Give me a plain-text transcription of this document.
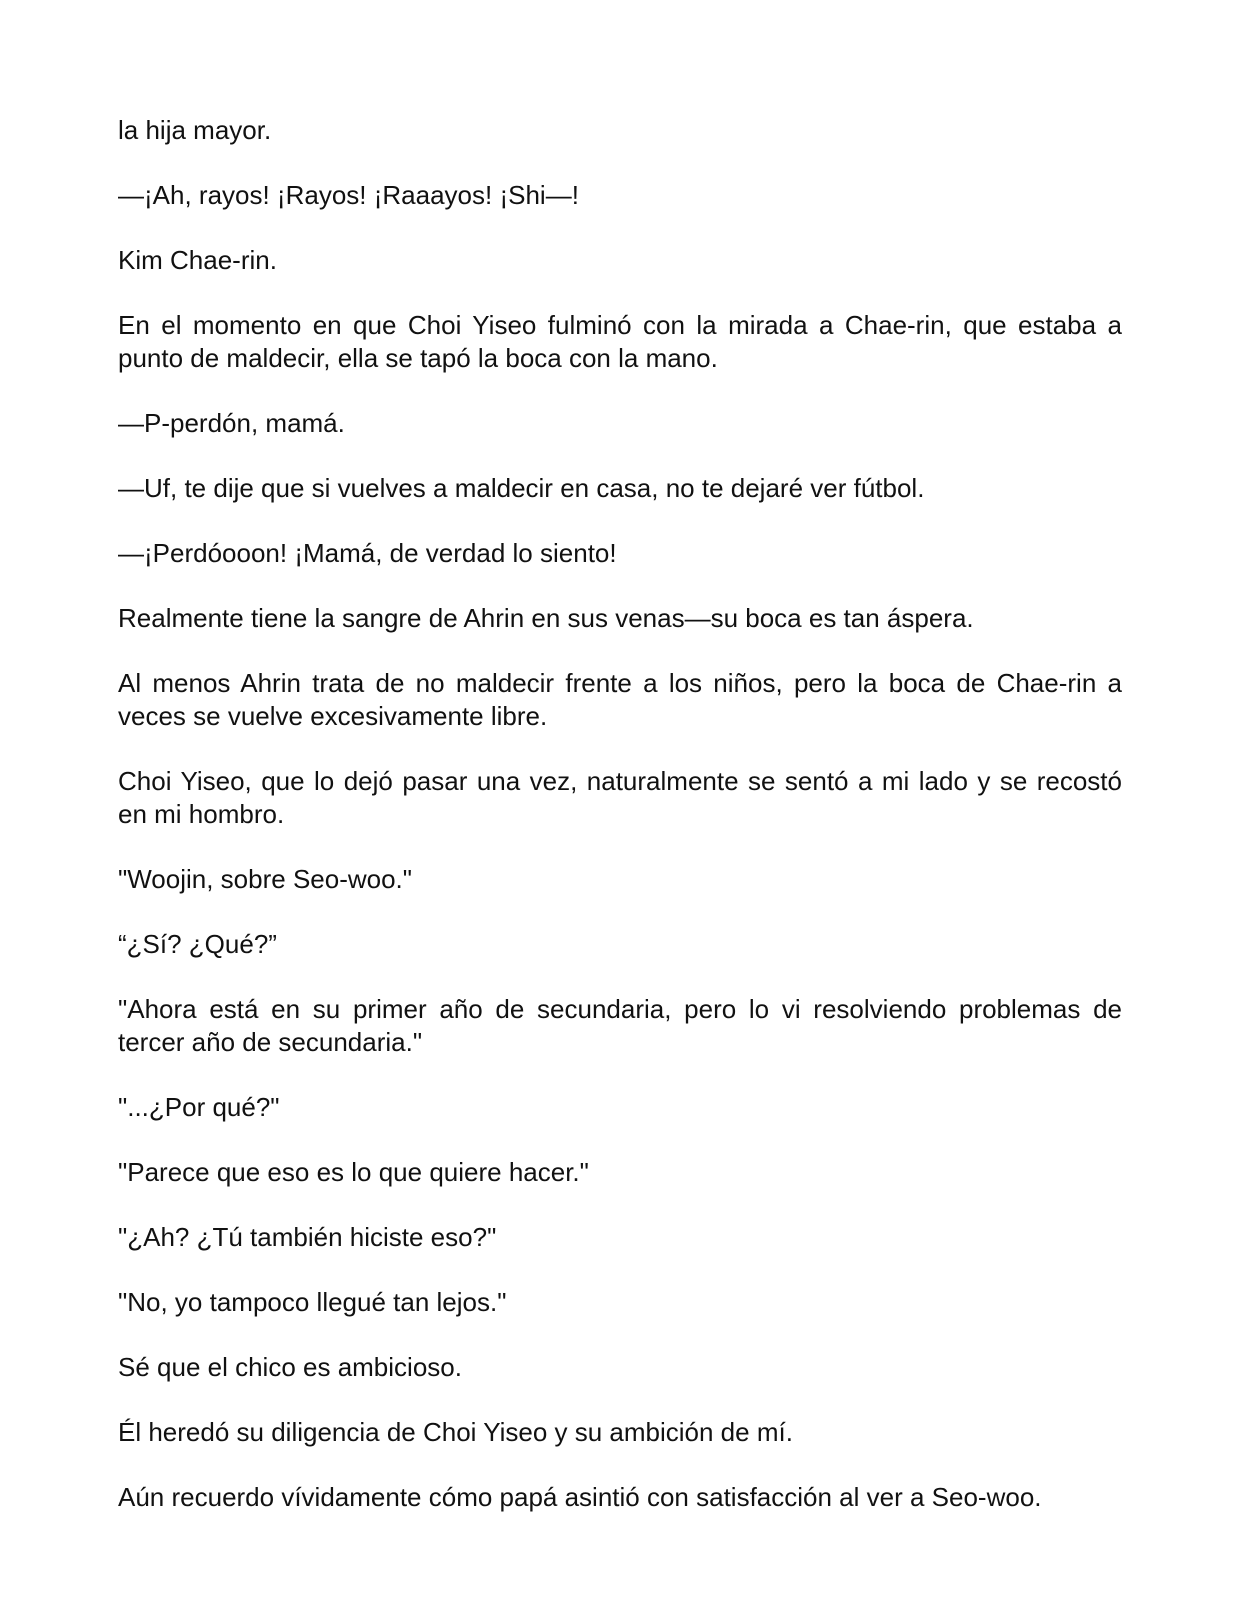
la hija mayor.

—¡Ah, rayos! ¡Rayos! ¡Raaayos! ¡Shi—!

Kim Chae-rin.

En el momento en que Choi Yiseo fulminó con la mirada a Chae-rin, que estaba a punto de maldecir, ella se tapó la boca con la mano.

—P-perdón, mamá.

—Uf, te dije que si vuelves a maldecir en casa, no te dejaré ver fútbol.

—¡Perdóooon! ¡Mamá, de verdad lo siento!

Realmente tiene la sangre de Ahrin en sus venas—su boca es tan áspera.

Al menos Ahrin trata de no maldecir frente a los niños, pero la boca de Chae-rin a veces se vuelve excesivamente libre.

Choi Yiseo, que lo dejó pasar una vez, naturalmente se sentó a mi lado y se recostó en mi hombro.

"Woojin, sobre Seo-woo."

“¿Sí? ¿Qué?”

"Ahora está en su primer año de secundaria, pero lo vi resolviendo problemas de tercer año de secundaria."

"...¿Por qué?"

"Parece que eso es lo que quiere hacer."

"¿Ah? ¿Tú también hiciste eso?"

"No, yo tampoco llegué tan lejos."

Sé que el chico es ambicioso.

Él heredó su diligencia de Choi Yiseo y su ambición de mí.

Aún recuerdo vívidamente cómo papá asintió con satisfacción al ver a Seo-woo.
